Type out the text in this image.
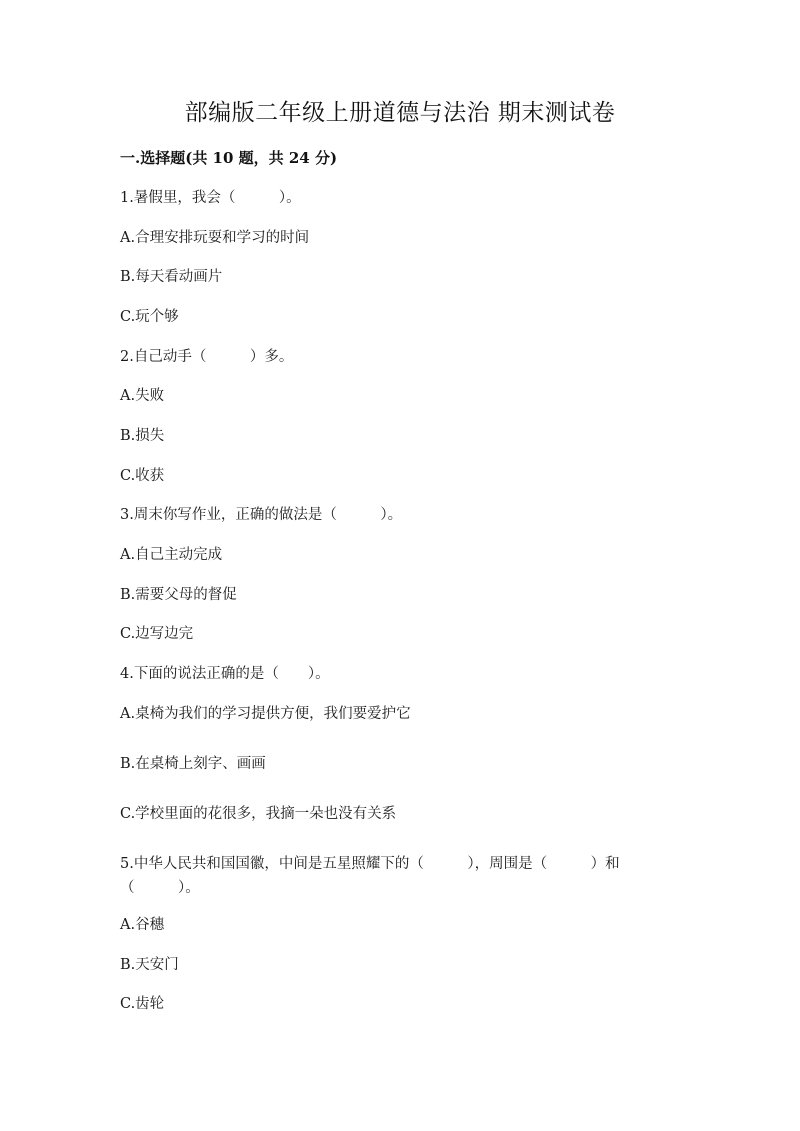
部编版二年级上册道德与法治 期末测试卷
一.选择题(共 10 题，共 24 分)
1.暑假里，我会（　　　）。
A.合理安排玩耍和学习的时间
B.每天看动画片
C.玩个够
2.自己动手（　　　）多。
A.失败
B.损失
C.收获
3.周末你写作业，正确的做法是（　　　）。
A.自己主动完成
B.需要父母的督促
C.边写边完
4.下面的说法正确的是（　　）。
A.桌椅为我们的学习提供方便，我们要爱护它
B.在桌椅上刻字、画画
C.学校里面的花很多，我摘一朵也没有关系
5.中华人民共和国国徽，中间是五星照耀下的（　　　），周围是（　　　）和（　　　）。
A.谷穗
B.天安门
C.齿轮
